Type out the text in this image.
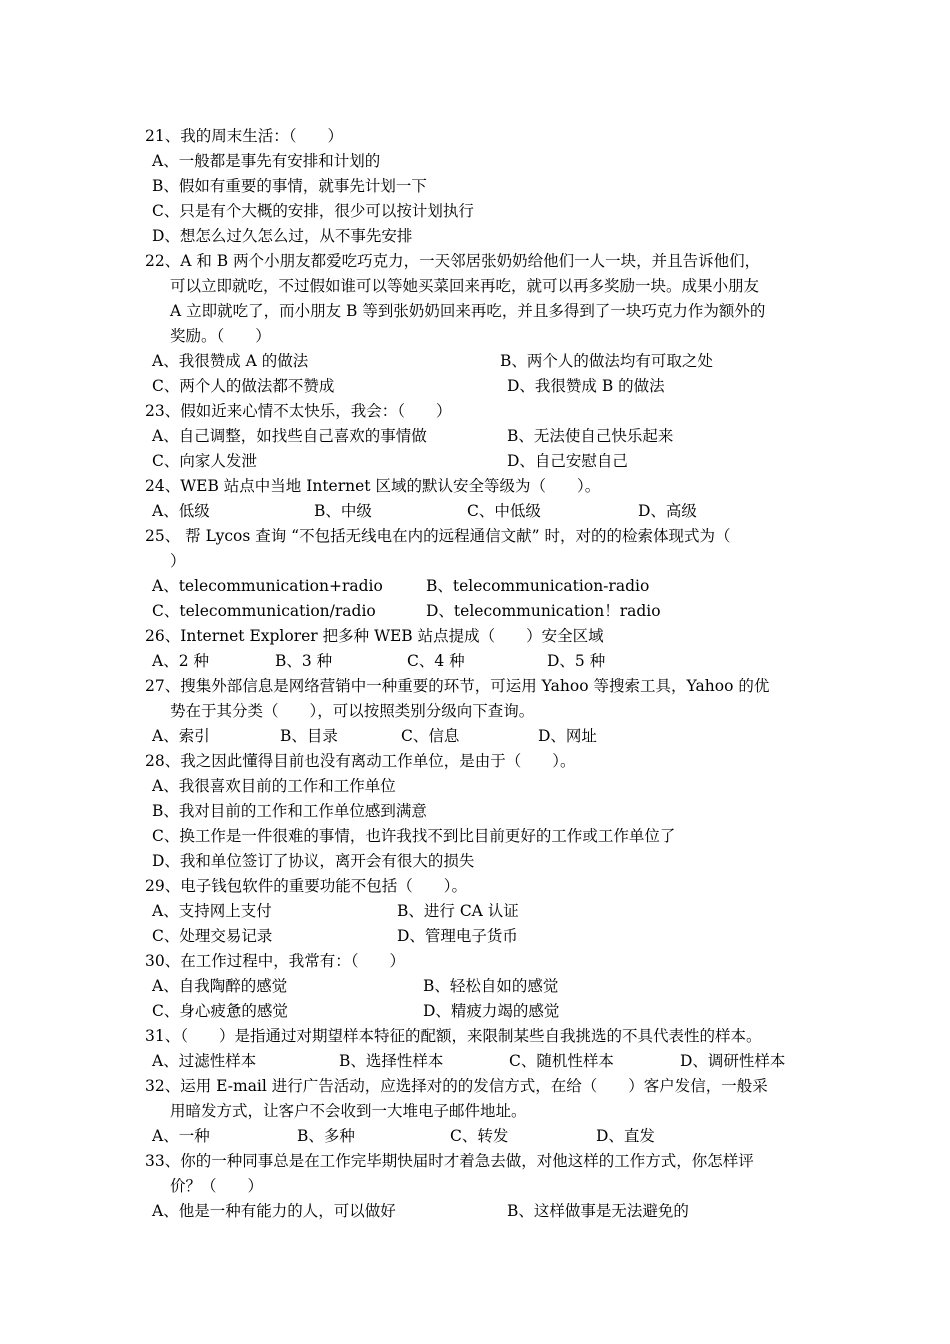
21、我的周末生活：（　　）
A、一般都是事先有安排和计划的
B、假如有重要的事情，就事先计划一下
C、只是有个大概的安排，很少可以按计划执行
D、想怎么过久怎么过，从不事先安排
22、A 和 B 两个小朋友都爱吃巧克力，一天邻居张奶奶给他们一人一块，并且告诉他们，
可以立即就吃，不过假如谁可以等她买菜回来再吃，就可以再多奖励一块。成果小朋友
A 立即就吃了，而小朋友 B 等到张奶奶回来再吃，并且多得到了一块巧克力作为额外的
奖励。（　　）
A、我很赞成 A 的做法	B、两个人的做法均有可取之处
C、两个人的做法都不赞成	D、我很赞成 B 的做法
23、假如近来心情不太快乐，我会：（　　）
A、自己调整，如找些自己喜欢的事情做	B、无法使自己快乐起来
C、向家人发泄	D、自己安慰自己
24、WEB 站点中当地 Internet 区域的默认安全等级为（　　）。
A、低级	B、中级	C、中低级	D、高级
25、 帮 Lycos 查询 “不包括无线电在内的远程通信文献” 时，对的的检索体现式为（
）
A、telecommunication+radio	B、telecommunication-radio
C、telecommunication/radio	D、telecommunication！radio
26、Internet Explorer 把多种 WEB 站点提成（　　）安全区域
A、2 种	B、3 种	C、4 种	D、5 种
27、搜集外部信息是网络营销中一种重要的环节，可运用 Yahoo 等搜索工具，Yahoo 的优
势在于其分类（　　），可以按照类别分级向下查询。
A、索引	B、目录	C、信息	D、网址
28、我之因此懂得目前也没有离动工作单位，是由于（　　）。
A、我很喜欢目前的工作和工作单位
B、我对目前的工作和工作单位感到满意
C、换工作是一件很难的事情，也许我找不到比目前更好的工作或工作单位了
D、我和单位签订了协议，离开会有很大的损失
29、电子钱包软件的重要功能不包括（　　）。
A、支持网上支付	B、进行 CA 认证
C、处理交易记录	D、管理电子货币
30、在工作过程中，我常有：（　　）
A、自我陶醉的感觉	B、轻松自如的感觉
C、身心疲惫的感觉	D、精疲力竭的感觉
31、（　　）是指通过对期望样本特征的配额，来限制某些自我挑选的不具代表性的样本。
A、过滤性样本	B、选择性样本	C、随机性样本	D、调研性样本
32、运用 E-mail 进行广告活动，应选择对的的发信方式，在给（　　）客户发信，一般采
用暗发方式，让客户不会收到一大堆电子邮件地址。
A、一种	B、多种	C、转发	D、直发
33、你的一种同事总是在工作完毕期快届时才着急去做，对他这样的工作方式，你怎样评
价？（　　）
A、他是一种有能力的人，可以做好	B、这样做事是无法避免的
